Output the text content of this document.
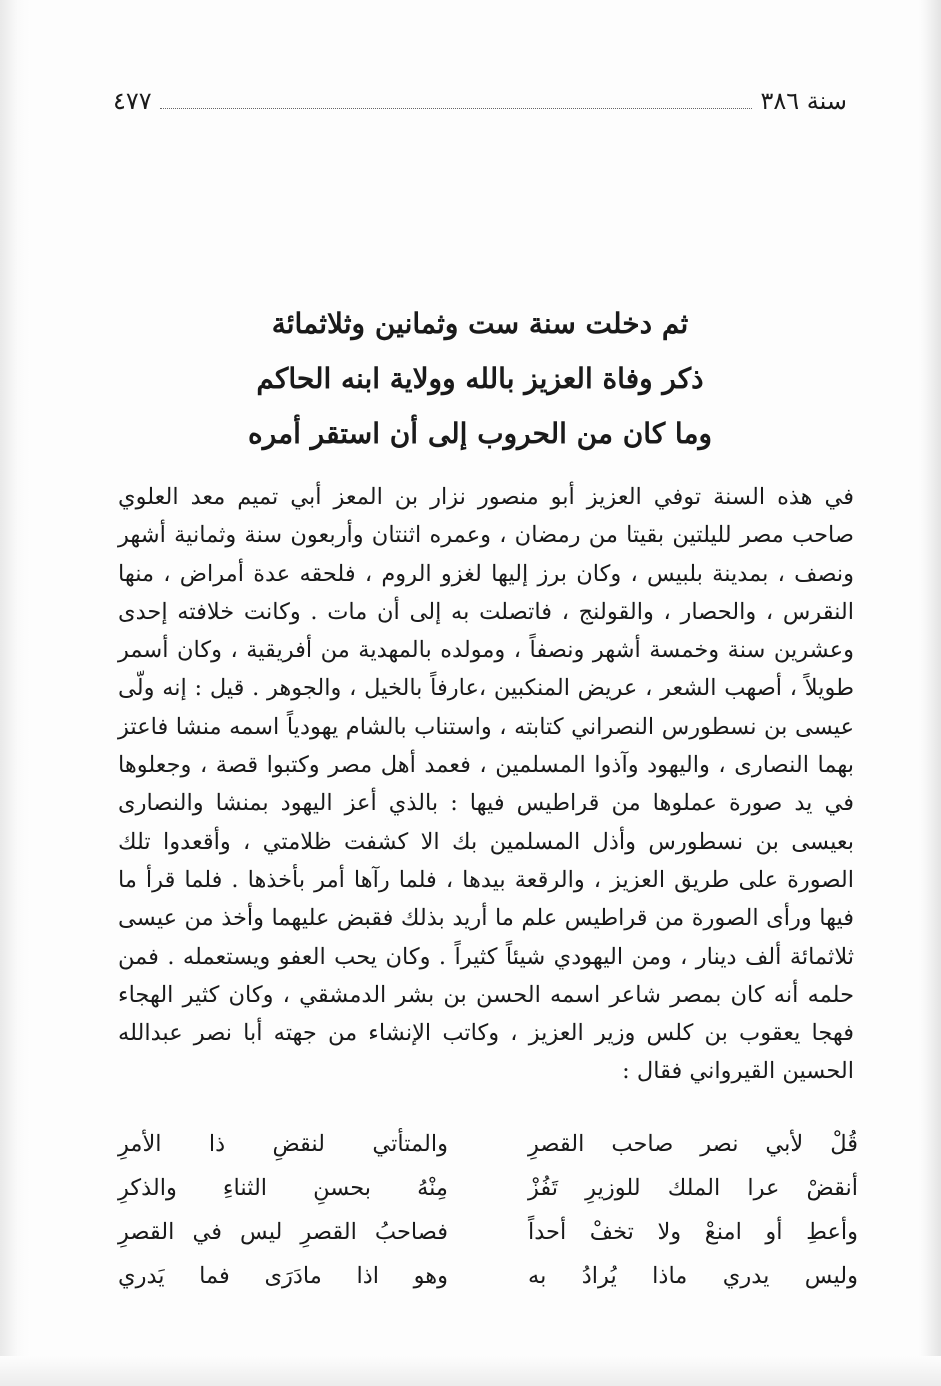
سنة ٣٨٦
٤٧٧

ثم دخلت سنة ست وثمانين وثلاثمائة

ذكر وفاة العزيز بالله وولاية ابنه الحاكم

وما كان من الحروب إلى أن استقر أمره

في هذه السنة توفي العزيز أبو منصور نزار بن المعز أبي تميم معد العلوي صاحب مصر لليلتين بقيتا من رمضان ، وعمره اثنتان وأربعون سنة وثمانية أشهر ونصف ، بمدينة بلبيس ، وكان برز إليها لغزو الروم ، فلحقه عدة أمراض ، منها النقرس ، والحصار ، والقولنج ، فاتصلت به إلى أن مات . وكانت خلافته إحدى وعشرين سنة وخمسة أشهر ونصفاً ، ومولده بالمهدية من أفريقية ، وكان أسمر طويلاً ، أصهب الشعر ، عريض المنكبين ،عارفاً بالخيل ، والجوهر . قيل : إنه ولّى عيسى بن نسطورس النصراني كتابته ، واستناب بالشام يهودياً اسمه منشا فاعتز بهما النصارى ، واليهود وآذوا المسلمين ، فعمد أهل مصر وكتبوا قصة ، وجعلوها في يد صورة عملوها من قراطيس فيها : بالذي أعز اليهود بمنشا والنصارى بعيسى بن نسطورس وأذل المسلمين بك الا كشفت ظلامتي ، وأقعدوا تلك الصورة على طريق العزيز ، والرقعة بيدها ، فلما رآها أمر بأخذها . فلما قرأ ما فيها ورأى الصورة من قراطيس علم ما أريد بذلك فقبض عليهما وأخذ من عيسى ثلاثمائة ألف دينار ، ومن اليهودي شيئاً كثيراً . وكان يحب العفو ويستعمله . فمن حلمه أنه كان بمصر شاعر اسمه الحسن بن بشر الدمشقي ، وكان كثير الهجاء فهجا يعقوب بن كلس وزير العزيز ، وكاتب الإنشاء من جهته أبا نصر عبدالله الحسين القيرواني فقال :

قُلْ لأبي نصر صاحب القصرِ
والمتأتي لنقضِ ذا الأمرِ
أنقضْ عرا الملك للوزيرِ تَفُزْ
مِنْهُ بحسنِ الثناءِ والذكرِ
وأعطِ أو امنعْ ولا تخفْ أحداً
فصاحبُ القصرِ ليس في القصرِ
وليس يدري ماذا يُرادُ به
وهو اذا مادَرَى فما يَدري
